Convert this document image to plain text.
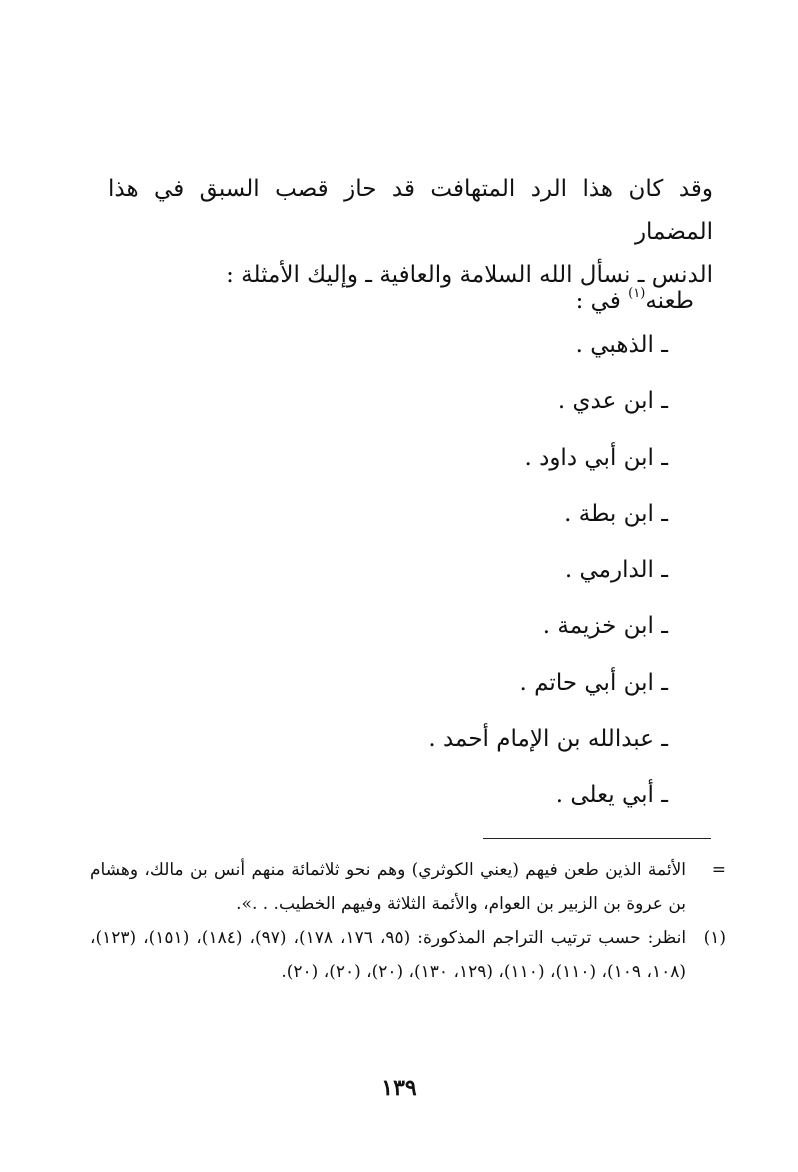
وقد كان هذا الرد المتهافت قد حاز قصب السبق في هذا المضمار
الدنس ـ نسأل الله السلامة والعافية ـ وإليك الأمثلة :

طعنه$^{(١)}$ في :

ـ الذهبي .
ـ ابن عدي .
ـ ابن أبي داود .
ـ ابن بطة .
ـ الدارمي .
ـ ابن خزيمة .
ـ ابن أبي حاتم .
ـ عبدالله بن الإمام أحمد .
ـ أبي يعلى .
=
الأئمة الذين طعن فيهم (يعني الكوثري) وهم نحو ثلاثمائة منهم أنس بن مالك، وهشام بن عروة بن الزبير بن العوام، والأئمة الثلاثة وفيهم الخطيب. . .».
(١)
انظر: حسب ترتيب التراجم المذكورة: (٩٥، ١٧٦، ١٧٨)، (٩٧)، (١٨٤)، (١٥١)، (١٢٣)، (١٠٨، ١٠٩)، (١١٠)، (١١٠)، (١٢٩، ١٣٠)، (٢٠)، (٢٠)، (٢٠).
١٣٩
